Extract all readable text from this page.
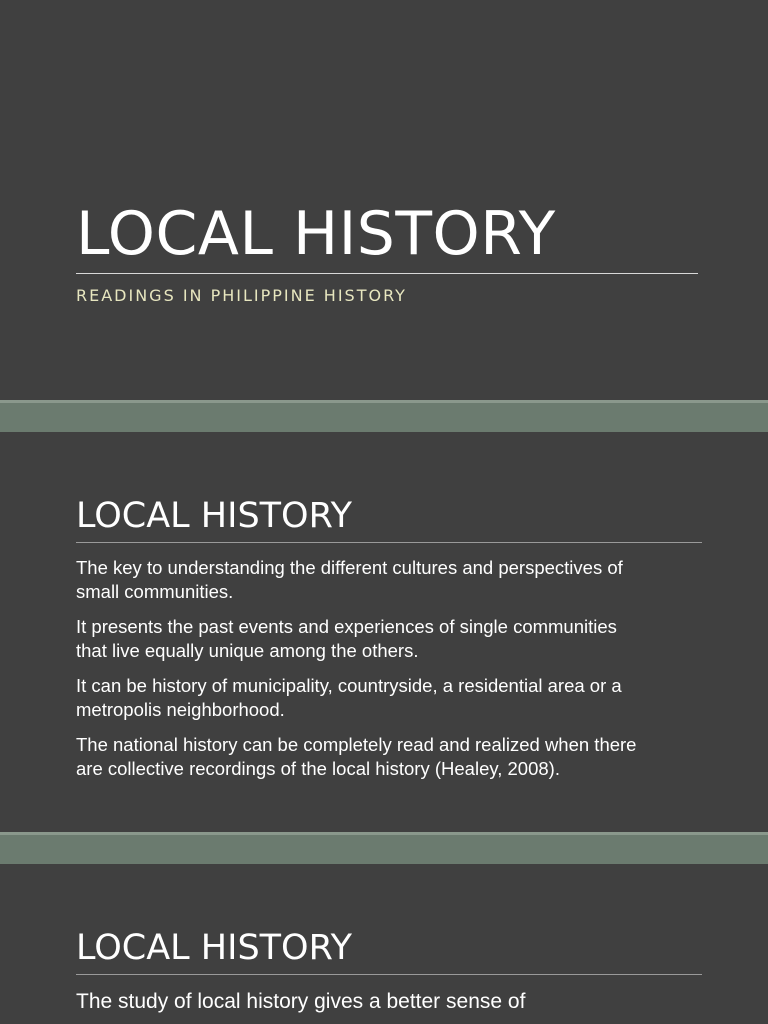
LOCAL HISTORY
READINGS IN PHILIPPINE HISTORY
LOCAL HISTORY

The key to understanding the different cultures and perspectives of
small communities.

It presents the past events and experiences of single communities
that live equally unique among the others.

It can be history of municipality, countryside, a residential area or a
metropolis neighborhood.

The national history can be completely read and realized when there
are collective recordings of the local history (Healey, 2008).

LOCAL HISTORY

The study of local history gives a better sense of
